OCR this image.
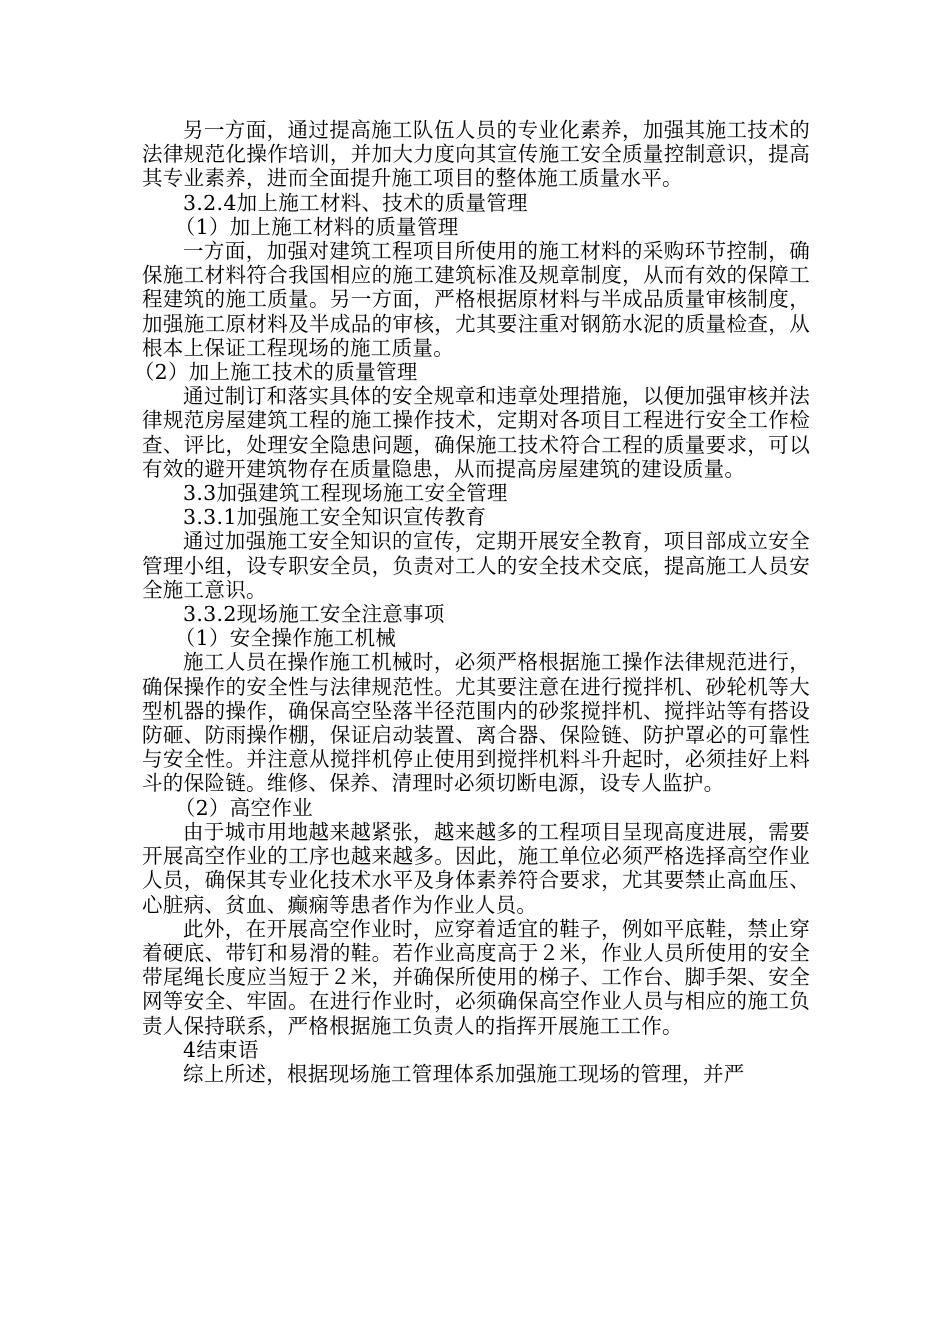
另一方面，通过提高施工队伍人员的专业化素养，加强其施工技术的法律规范化操作培训，并加大力度向其宣传施工安全质量控制意识，提高其专业素养，进而全面提升施工项目的整体施工质量水平。

3.2.4加上施工材料、技术的质量管理

（1）加上施工材料的质量管理

一方面，加强对建筑工程项目所使用的施工材料的采购环节控制，确保施工材料符合我国相应的施工建筑标准及规章制度，从而有效的保障工程建筑的施工质量。另一方面，严格根据原材料与半成品质量审核制度，加强施工原材料及半成品的审核，尤其要注重对钢筋水泥的质量检查，从根本上保证工程现场的施工质量。

（2）加上施工技术的质量管理

通过制订和落实具体的安全规章和违章处理措施，以便加强审核并法律规范房屋建筑工程的施工操作技术，定期对各项目工程进行安全工作检查、评比，处理安全隐患问题，确保施工技术符合工程的质量要求，可以有效的避开建筑物存在质量隐患，从而提高房屋建筑的建设质量。

3.3加强建筑工程现场施工安全管理

3.3.1加强施工安全知识宣传教育

通过加强施工安全知识的宣传，定期开展安全教育，项目部成立安全管理小组，设专职安全员，负责对工人的安全技术交底，提高施工人员安全施工意识。

3.3.2现场施工安全注意事项

（1）安全操作施工机械

施工人员在操作施工机械时，必须严格根据施工操作法律规范进行，确保操作的安全性与法律规范性。尤其要注意在进行搅拌机、砂轮机等大型机器的操作，确保高空坠落半径范围内的砂浆搅拌机、搅拌站等有搭设防砸、防雨操作棚，保证启动装置、离合器、保险链、防护罩必的可靠性与安全性。并注意从搅拌机停止使用到搅拌机料斗升起时，必须挂好上料斗的保险链。维修、保养、清理时必须切断电源，设专人监护。

（2）高空作业

由于城市用地越来越紧张，越来越多的工程项目呈现高度进展，需要开展高空作业的工序也越来越多。因此，施工单位必须严格选择高空作业人员，确保其专业化技术水平及身体素养符合要求，尤其要禁止高血压、心脏病、贫血、癫痫等患者作为作业人员。

此外，在开展高空作业时，应穿着适宜的鞋子，例如平底鞋，禁止穿着硬底、带钉和易滑的鞋。若作业高度高于２米，作业人员所使用的安全带尾绳长度应当短于２米，并确保所使用的梯子、工作台、脚手架、安全网等安全、牢固。在进行作业时，必须确保高空作业人员与相应的施工负责人保持联系，严格根据施工负责人的指挥开展施工工作。

4结束语

综上所述，根据现场施工管理体系加强施工现场的管理，并严
